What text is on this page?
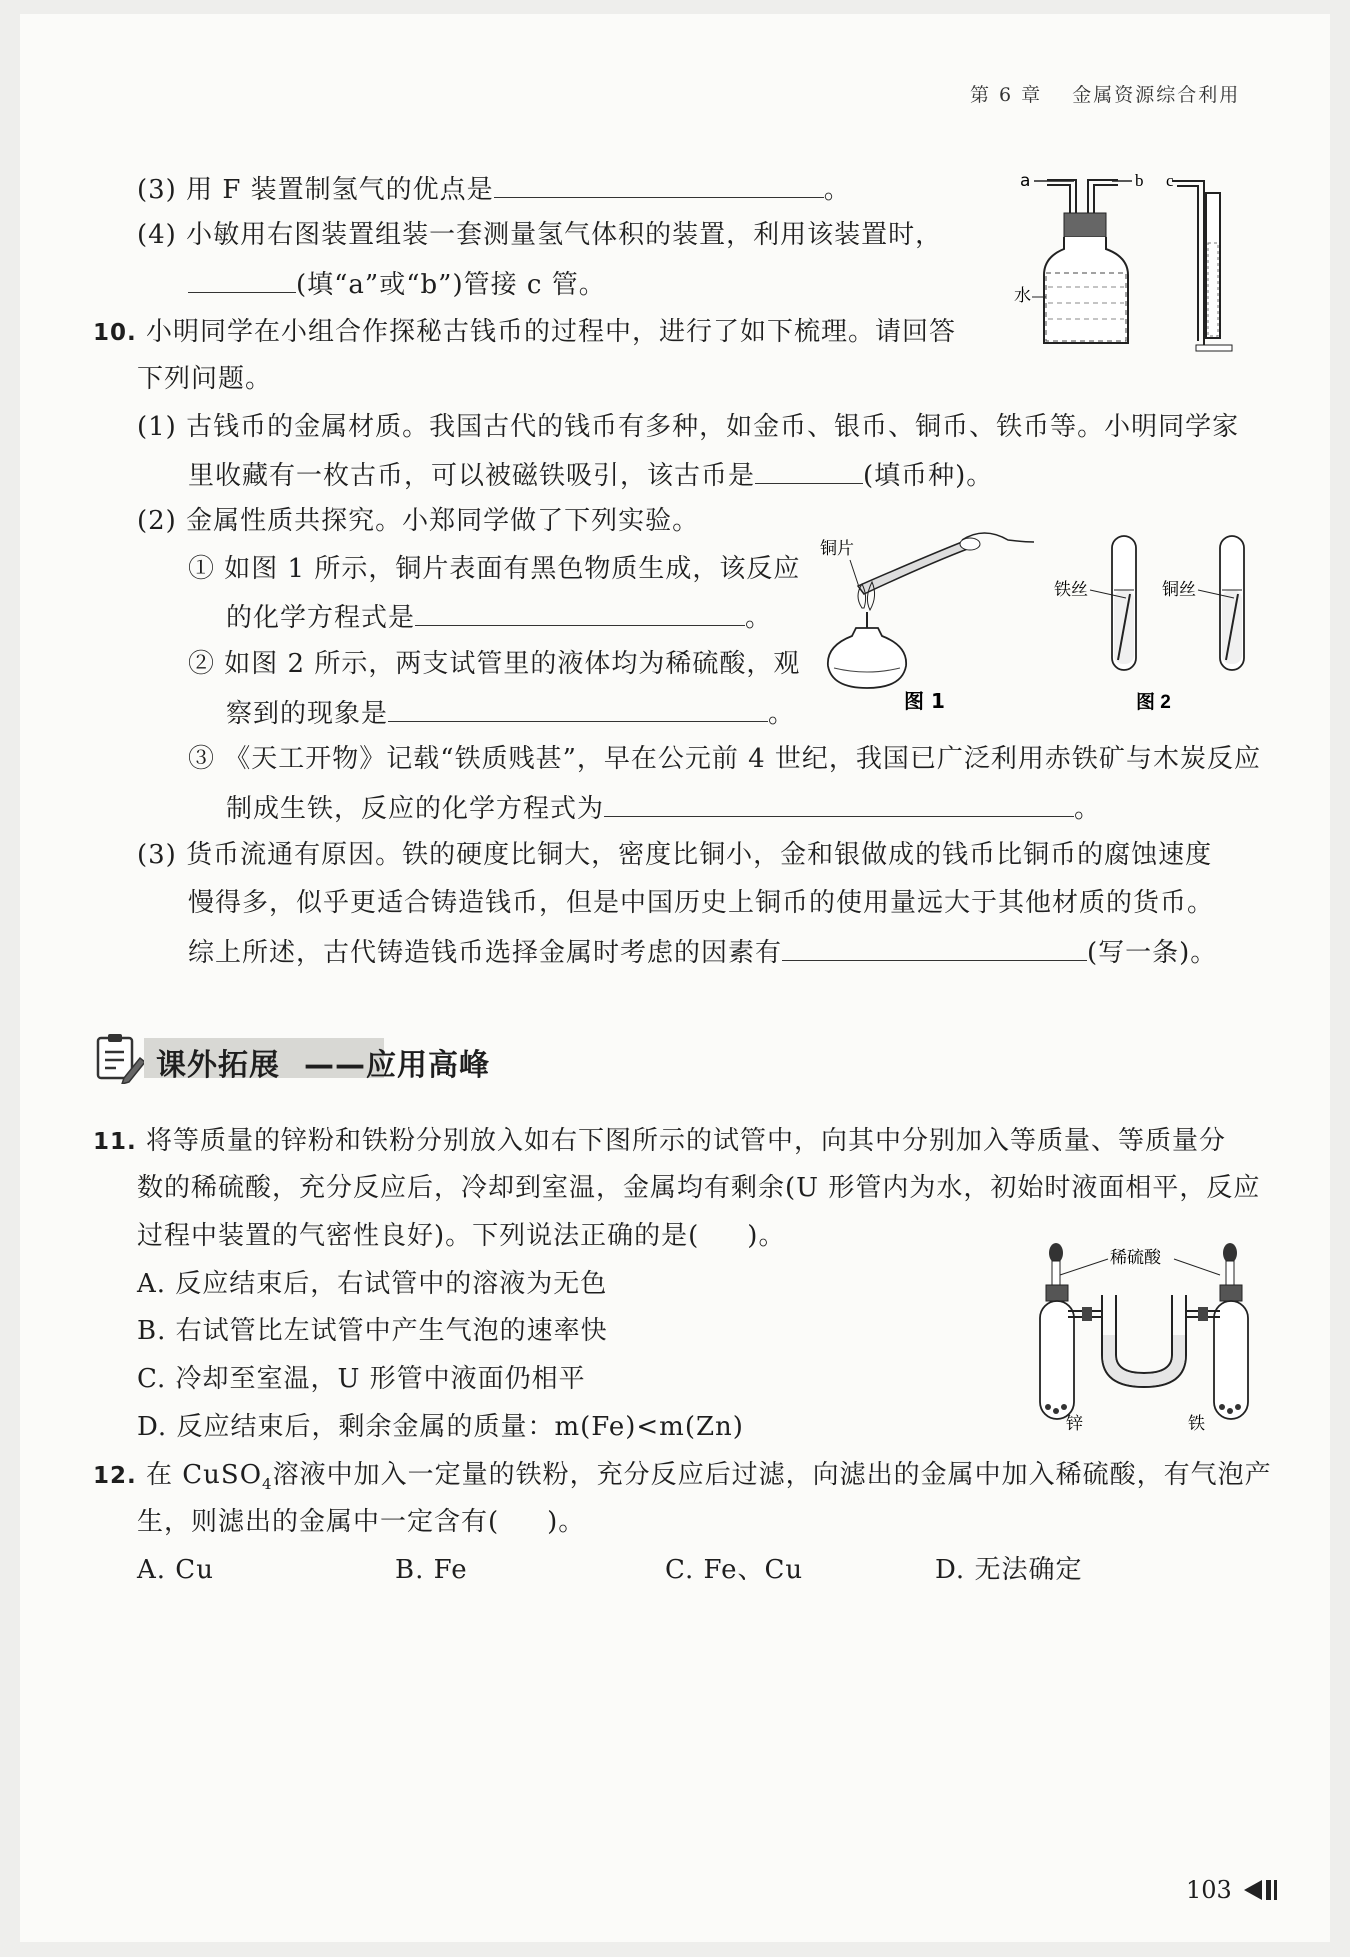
第 6 章 金属资源综合利用
(3) 用 F 装置制氢气的优点是	。
(4) 小敏用右图装置组装一套测量氢气体积的装置，利用该装置时，
(填“a”或“b”)管接 c 管。
a	b c
水
10. 小明同学在小组合作探秘古钱币的过程中，进行了如下梳理。请回答
下列问题。
(1) 古钱币的金属材质。我国古代的钱币有多种，如金币、银币、铜币、铁币等。小明同学家
里收藏有一枚古币，可以被磁铁吸引，该古币是	(填币种)。
(2) 金属性质共探究。小郑同学做了下列实验。
① 如图 1 所示，铜片表面有黑色物质生成，该反应
的化学方程式是	。
② 如图 2 所示，两支试管里的液体均为稀硫酸，观
察到的现象是	。
铜片
图 1
铁丝	铜丝
图 2
③ 《天工开物》记载“铁质贱甚”，早在公元前 4 世纪，我国已广泛利用赤铁矿与木炭反应
制成生铁，反应的化学方程式为	。
(3) 货币流通有原因。铁的硬度比铜大，密度比铜小，金和银做成的钱币比铜币的腐蚀速度
慢得多，似乎更适合铸造钱币，但是中国历史上铜币的使用量远大于其他材质的货币。
综上所述，古代铸造钱币选择金属时考虑的因素有	(写一条)。
课外拓展 ——应用高峰
11. 将等质量的锌粉和铁粉分别放入如右下图所示的试管中，向其中分别加入等质量、等质量分
数的稀硫酸，充分反应后，冷却到室温，金属均有剩余(U 形管内为水，初始时液面相平，反应
过程中装置的气密性良好)。下列说法正确的是( )。
A. 反应结束后，右试管中的溶液为无色
B. 右试管比左试管中产生气泡的速率快
C. 冷却至室温，U 形管中液面仍相平
D. 反应结束后，剩余金属的质量：m(Fe)<m(Zn)
稀硫酸
锌	铁
12. 在 CuSO$_4$溶液中加入一定量的铁粉，充分反应后过滤，向滤出的金属中加入稀硫酸，有气泡产
生，则滤出的金属中一定含有( )。
A. Cu	B. Fe	C. Fe、Cu	D. 无法确定
103
